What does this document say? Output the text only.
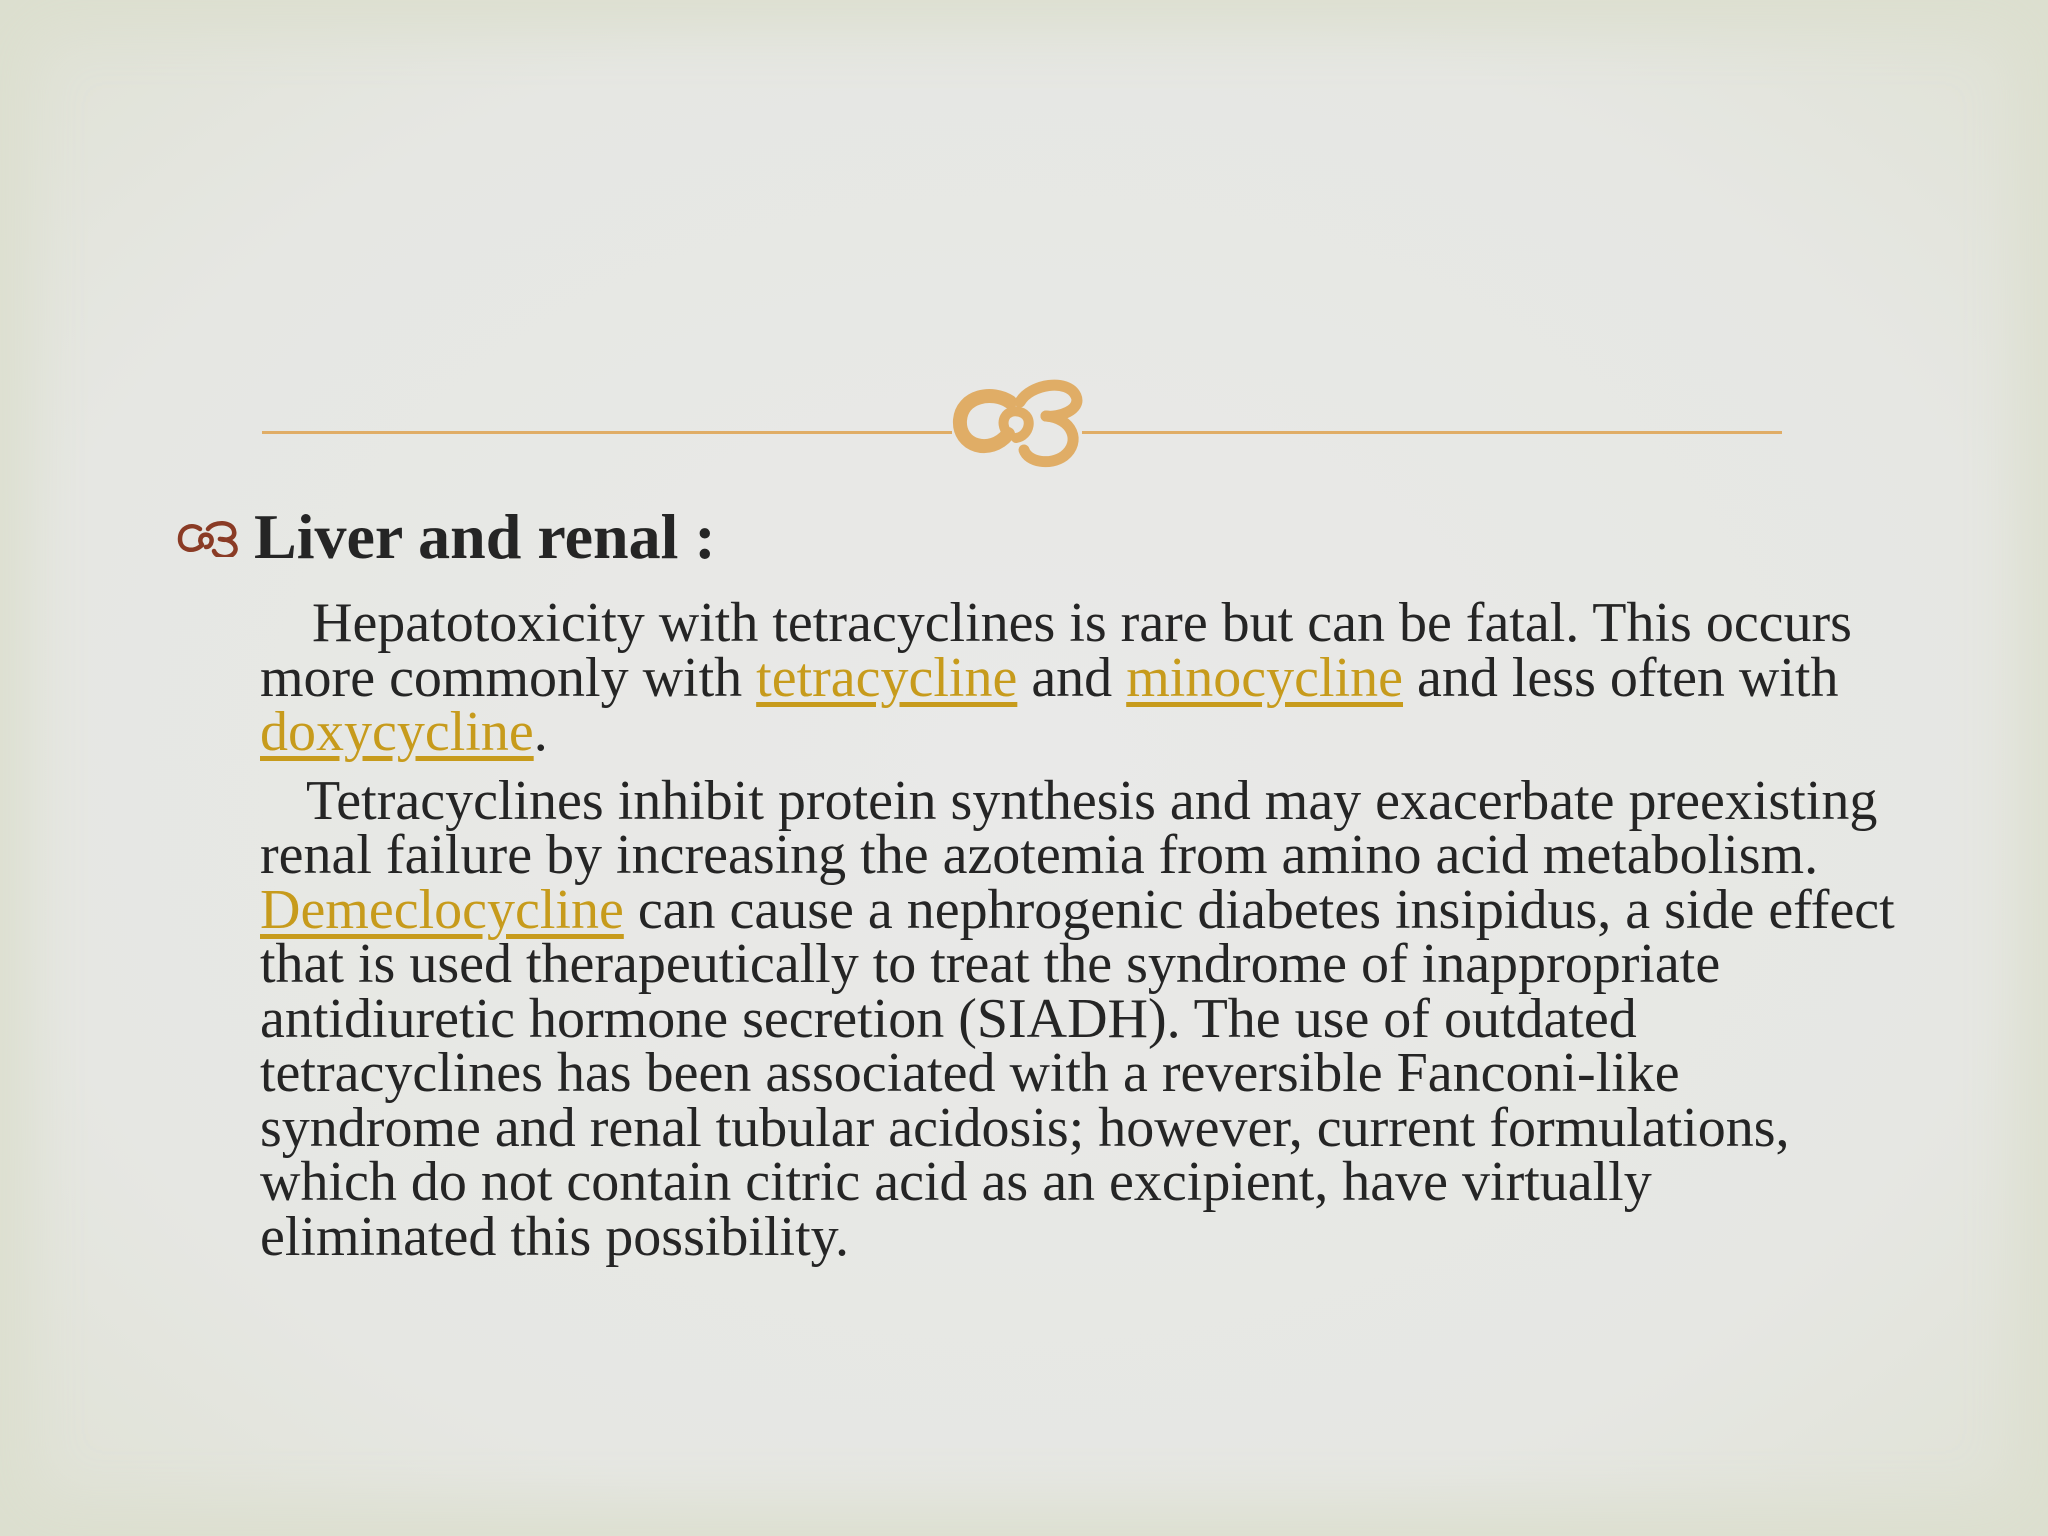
Liver and renal :

Hepatotoxicity with tetracyclines is rare but can be fatal. This occurs more commonly with tetracycline and minocycline and less often with doxycycline.

Tetracyclines inhibit protein synthesis and may exacerbate preexisting renal failure by increasing the azotemia from amino acid metabolism. Demeclocycline can cause a nephrogenic diabetes insipidus, a side effect that is used therapeutically to treat the syndrome of inappropriate antidiuretic hormone secretion (SIADH). The use of outdated tetracyclines has been associated with a reversible Fanconi-like syndrome and renal tubular acidosis; however, current formulations, which do not contain citric acid as an excipient, have virtually eliminated this possibility.
